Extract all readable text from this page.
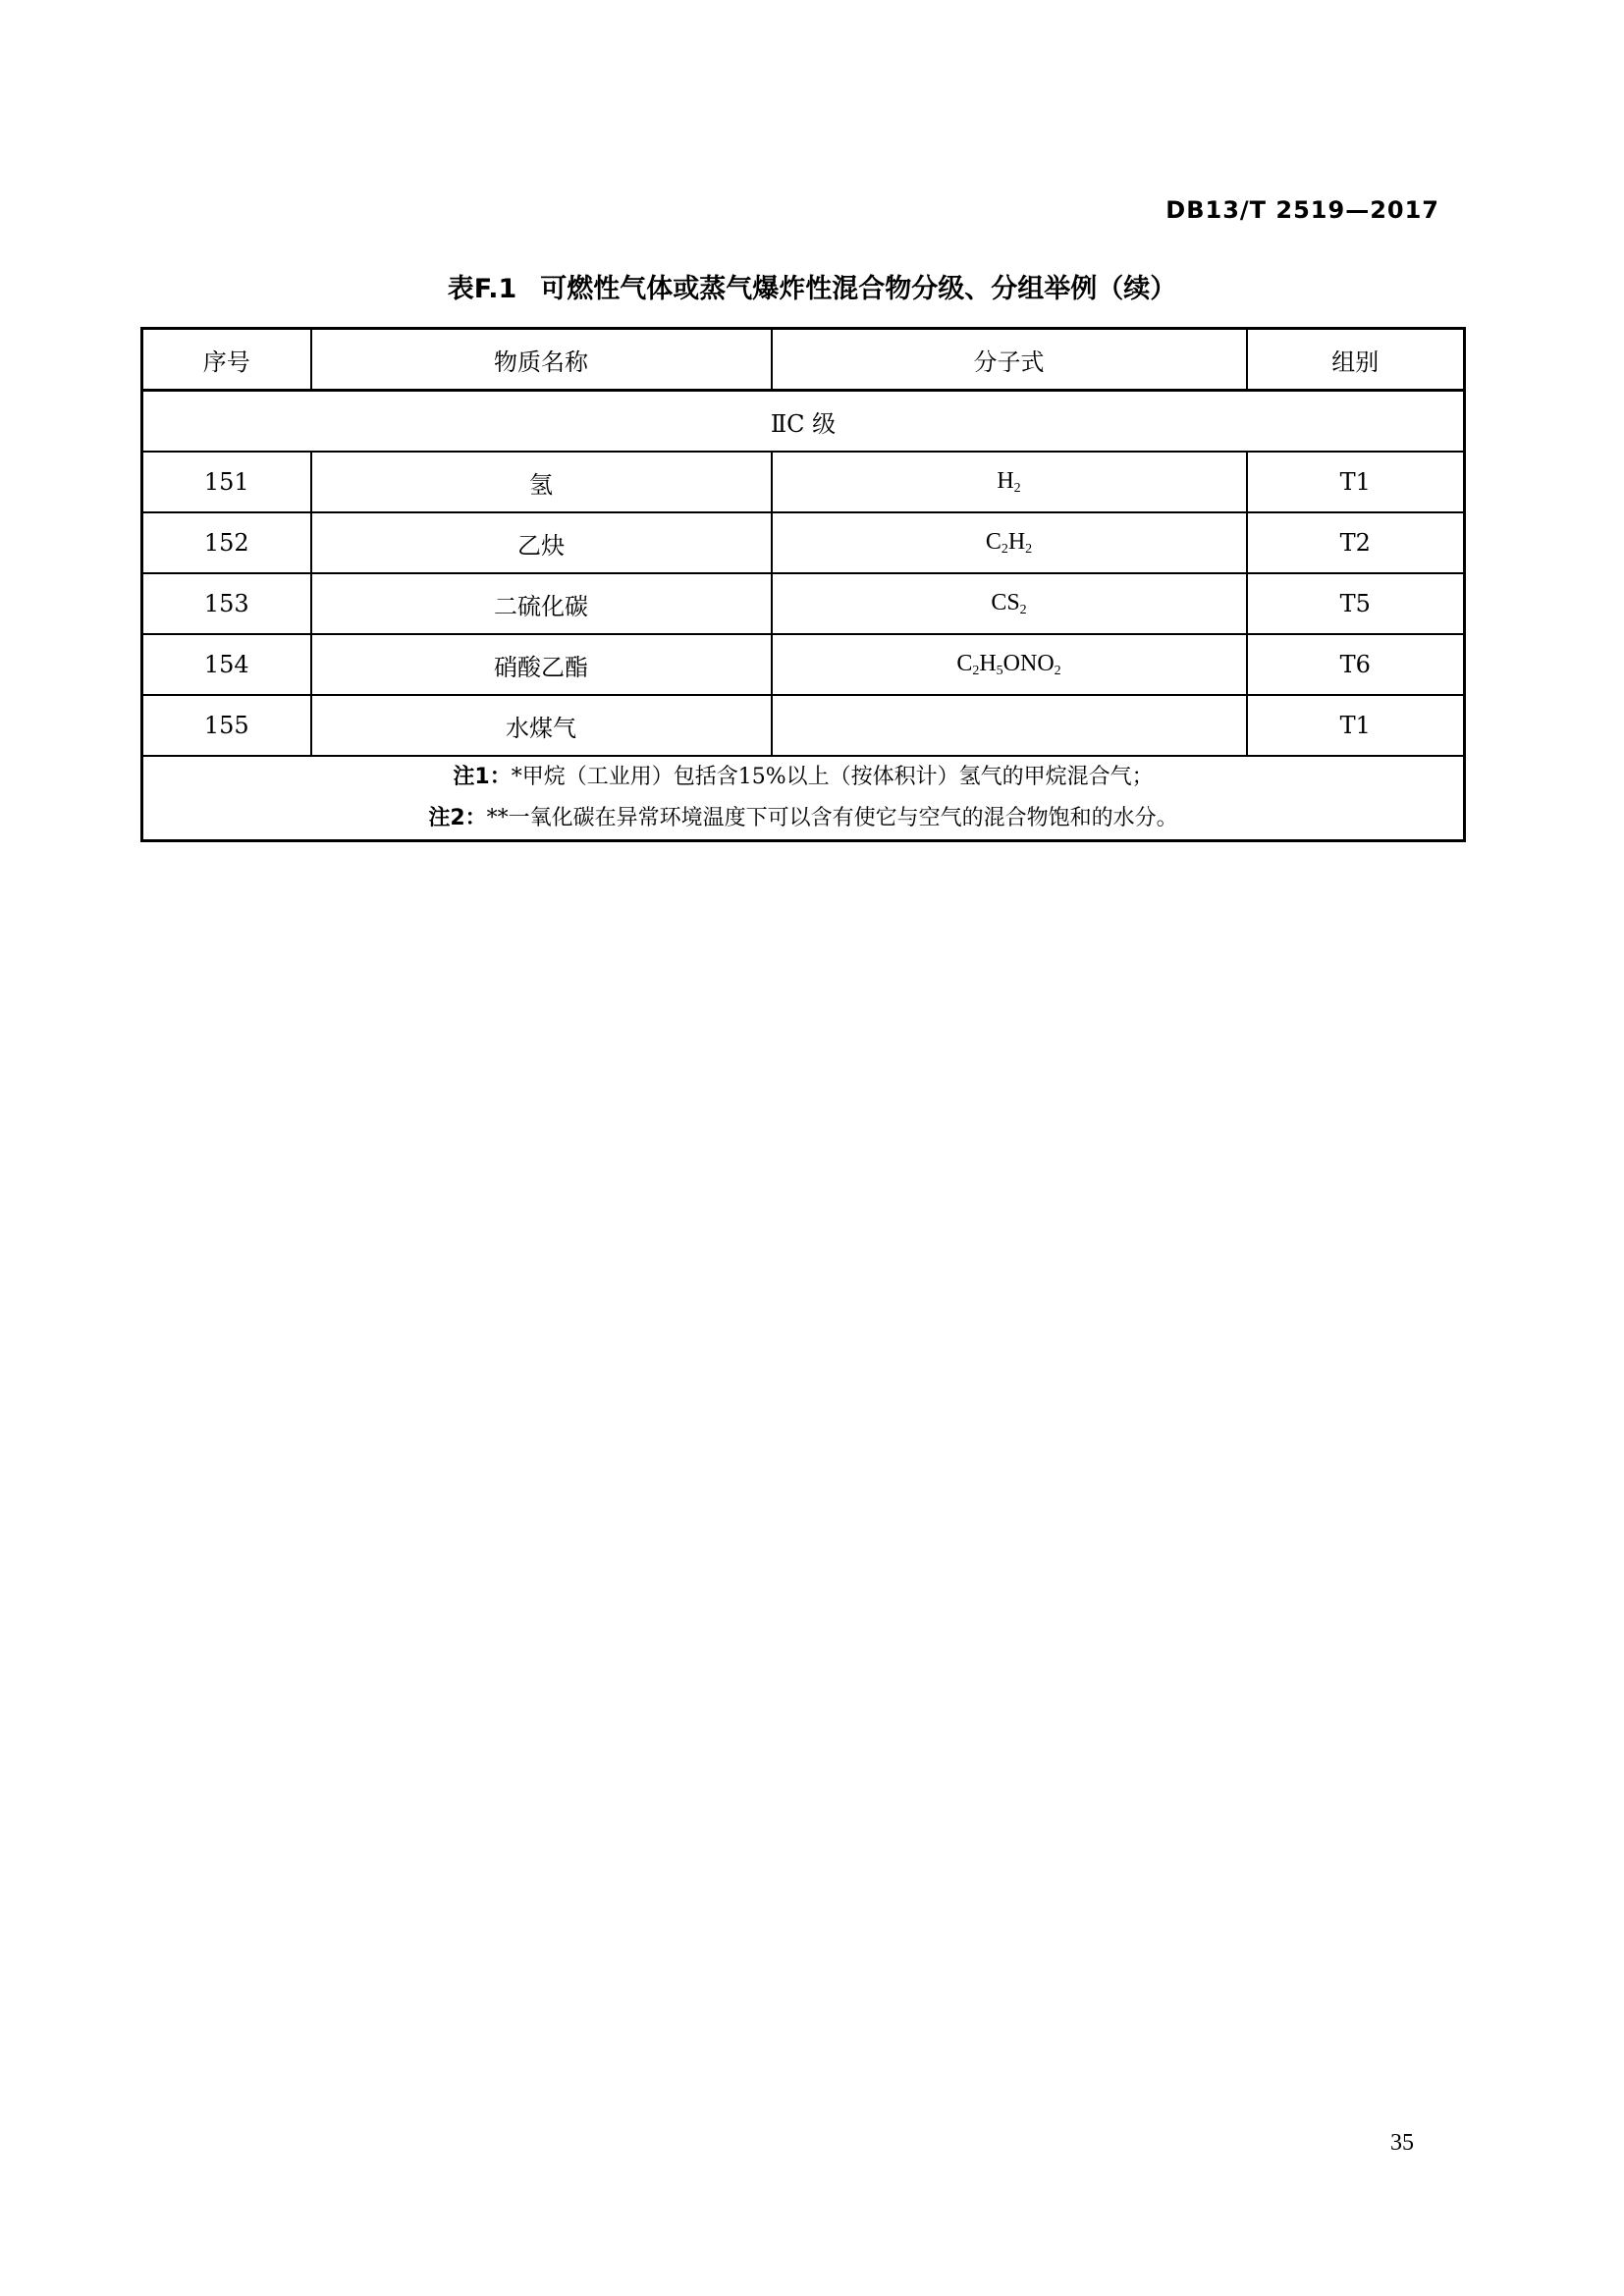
DB13/T 2519—2017
表F.1 可燃性气体或蒸气爆炸性混合物分级、分组举例（续）
序号	物质名称	分子式	组别
ⅡC 级			
151	氢	$H_2$	T1
152	乙炔	$C_2H_2$	T2
153	二硫化碳	$CS_2$	T5
154	硝酸乙酯	$C_2H_5ONO_2$	T6
155	水煤气		T1

注1：*甲烷（工业用）包括含15%以上（按体积计）氢气的甲烷混合气；
注2：**一氧化碳在异常环境温度下可以含有使它与空气的混合物饱和的水分。			
35
